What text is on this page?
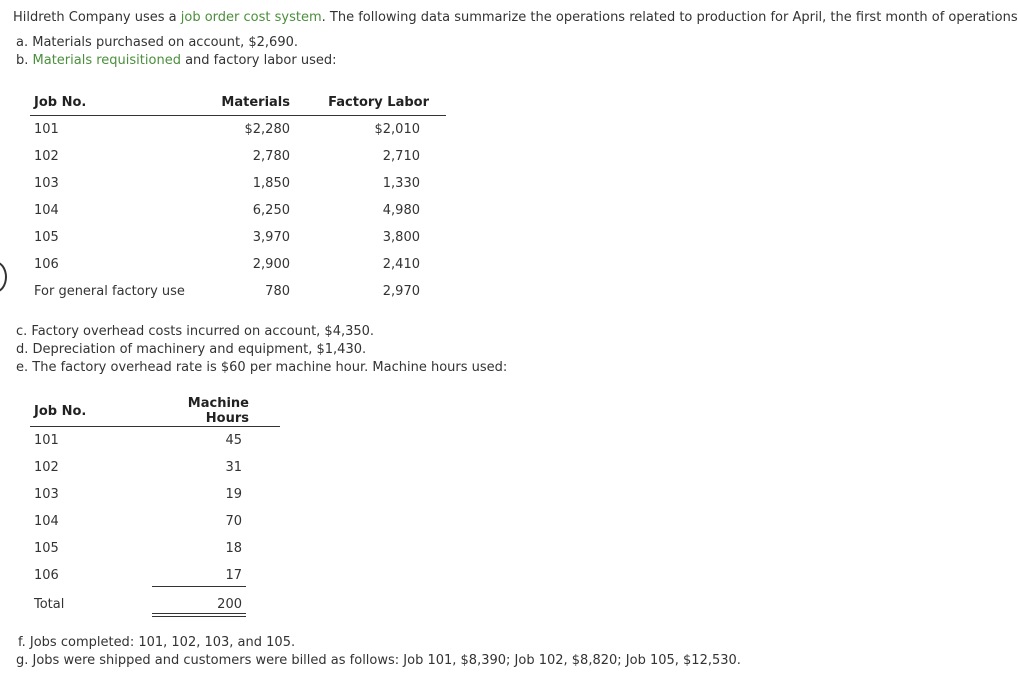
Hildreth Company uses a job order cost system. The following data summarize the operations related to production for April, the first month of operations
a. Materials purchased on account, $2,690.
b. Materials requisitioned and factory labor used:
Job No.	Materials	Factory Labor
101	$2,280	$2,010
102	2,780	2,710
103	1,850	1,330
104	6,250	4,980
105	3,970	3,800
106	2,900	2,410
For general factory use	780	2,970
c. Factory overhead costs incurred on account, $4,350.
d. Depreciation of machinery and equipment, $1,430.
e. The factory overhead rate is $60 per machine hour. Machine hours used:
Job No.	Machine Hours
101	45
102	31
103	19
104	70
105	18
106	17
Total	200
f. Jobs completed: 101, 102, 103, and 105.
g. Jobs were shipped and customers were billed as follows: Job 101, $8,390; Job 102, $8,820; Job 105, $12,530.
